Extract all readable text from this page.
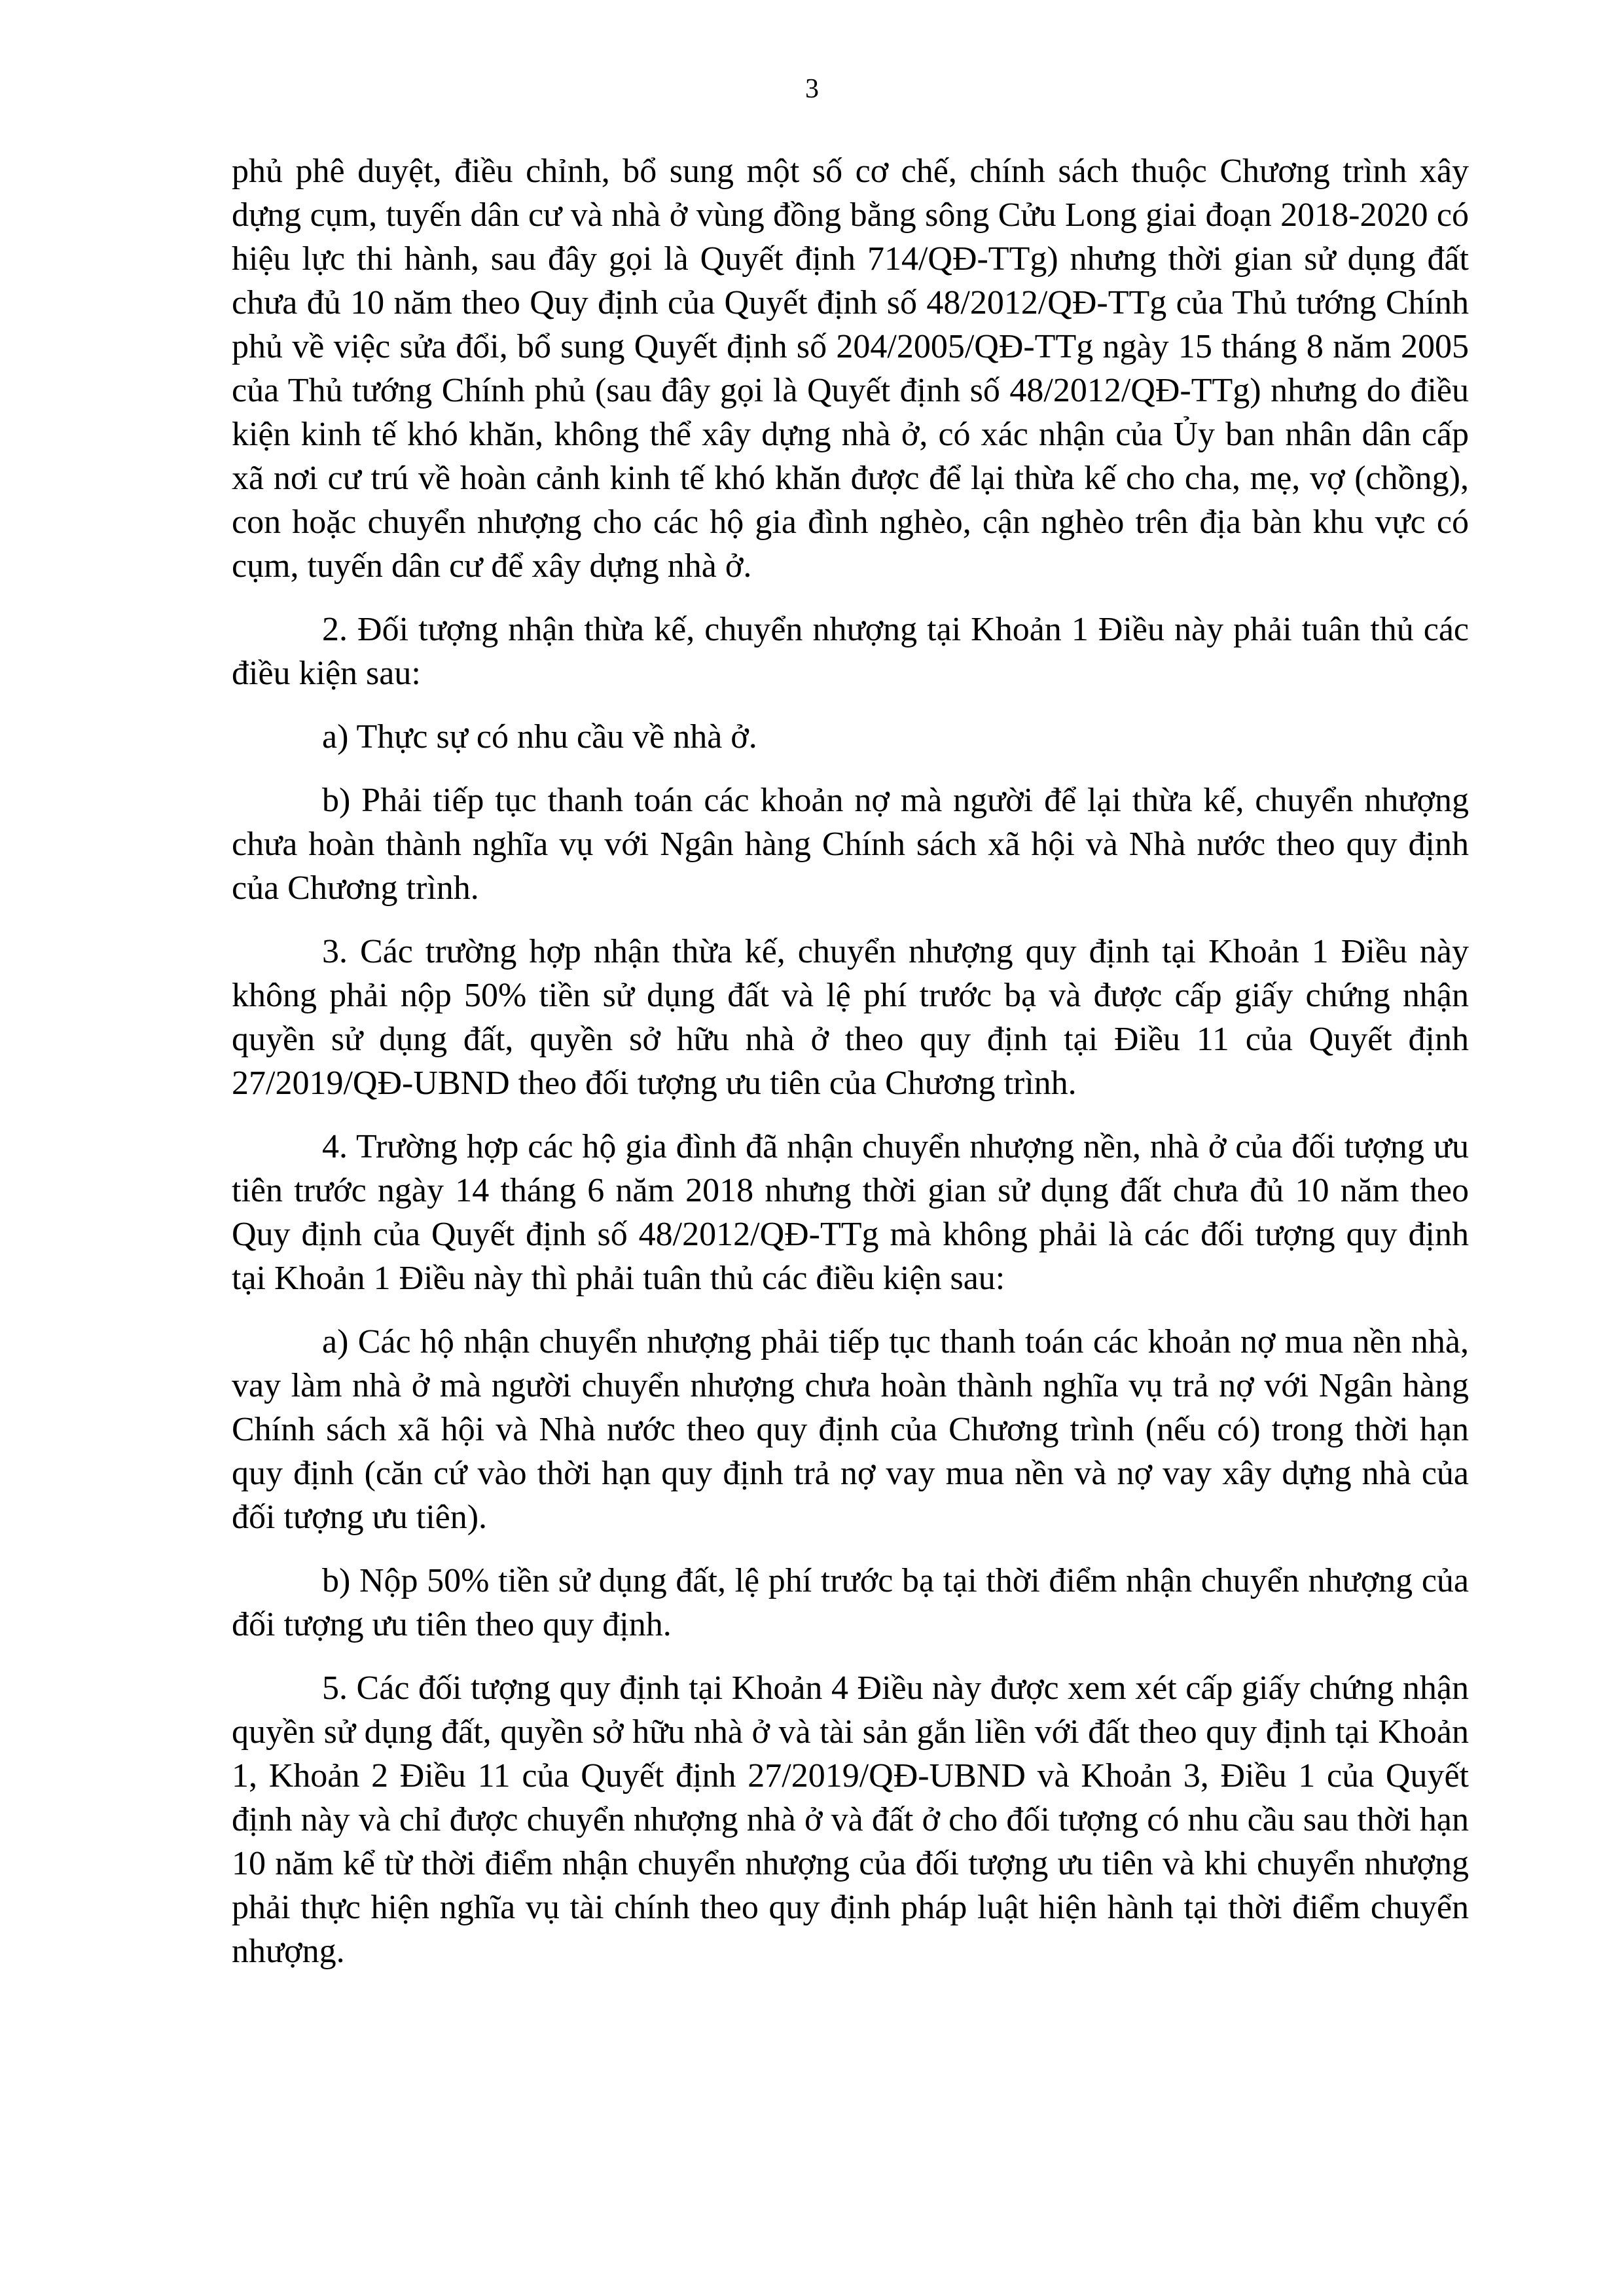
3

phủ phê duyệt, điều chỉnh, bổ sung một số cơ chế, chính sách thuộc Chương trình xây dựng cụm, tuyến dân cư và nhà ở vùng đồng bằng sông Cửu Long giai đoạn 2018-2020 có hiệu lực thi hành, sau đây gọi là Quyết định 714/QĐ-TTg) nhưng thời gian sử dụng đất chưa đủ 10 năm theo Quy định của Quyết định số 48/2012/QĐ-TTg của Thủ tướng Chính phủ về việc sửa đổi, bổ sung Quyết định số 204/2005/QĐ-TTg ngày 15 tháng 8 năm 2005 của Thủ tướng Chính phủ (sau đây gọi là Quyết định số 48/2012/QĐ-TTg) nhưng do điều kiện kinh tế khó khăn, không thể xây dựng nhà ở, có xác nhận của Ủy ban nhân dân cấp xã nơi cư trú về hoàn cảnh kinh tế khó khăn được để lại thừa kế cho cha, mẹ, vợ (chồng), con hoặc chuyển nhượng cho các hộ gia đình nghèo, cận nghèo trên địa bàn khu vực có cụm, tuyến dân cư để xây dựng nhà ở.

2. Đối tượng nhận thừa kế, chuyển nhượng tại Khoản 1 Điều này phải tuân thủ các điều kiện sau:

a) Thực sự có nhu cầu về nhà ở.

b) Phải tiếp tục thanh toán các khoản nợ mà người để lại thừa kế, chuyển nhượng chưa hoàn thành nghĩa vụ với Ngân hàng Chính sách xã hội và Nhà nước theo quy định của Chương trình.

3. Các trường hợp nhận thừa kế, chuyển nhượng quy định tại Khoản 1 Điều này không phải nộp 50% tiền sử dụng đất và lệ phí trước bạ và được cấp giấy chứng nhận quyền sử dụng đất, quyền sở hữu nhà ở theo quy định tại Điều 11 của Quyết định 27/2019/QĐ-UBND theo đối tượng ưu tiên của Chương trình.

4. Trường hợp các hộ gia đình đã nhận chuyển nhượng nền, nhà ở của đối tượng ưu tiên trước ngày 14 tháng 6 năm 2018 nhưng thời gian sử dụng đất chưa đủ 10 năm theo Quy định của Quyết định số 48/2012/QĐ-TTg mà không phải là các đối tượng quy định tại Khoản 1 Điều này thì phải tuân thủ các điều kiện sau:

a) Các hộ nhận chuyển nhượng phải tiếp tục thanh toán các khoản nợ mua nền nhà, vay làm nhà ở mà người chuyển nhượng chưa hoàn thành nghĩa vụ trả nợ với Ngân hàng Chính sách xã hội và Nhà nước theo quy định của Chương trình (nếu có) trong thời hạn quy định (căn cứ vào thời hạn quy định trả nợ vay mua nền và nợ vay xây dựng nhà của đối tượng ưu tiên).

b) Nộp 50% tiền sử dụng đất, lệ phí trước bạ tại thời điểm nhận chuyển nhượng của đối tượng ưu tiên theo quy định.

5. Các đối tượng quy định tại Khoản 4 Điều này được xem xét cấp giấy chứng nhận quyền sử dụng đất, quyền sở hữu nhà ở và tài sản gắn liền với đất theo quy định tại Khoản 1, Khoản 2 Điều 11 của Quyết định 27/2019/QĐ-UBND và Khoản 3, Điều 1 của Quyết định này và chỉ được chuyển nhượng nhà ở và đất ở cho đối tượng có nhu cầu sau thời hạn 10 năm kể từ thời điểm nhận chuyển nhượng của đối tượng ưu tiên và khi chuyển nhượng phải thực hiện nghĩa vụ tài chính theo quy định pháp luật hiện hành tại thời điểm chuyển nhượng.
